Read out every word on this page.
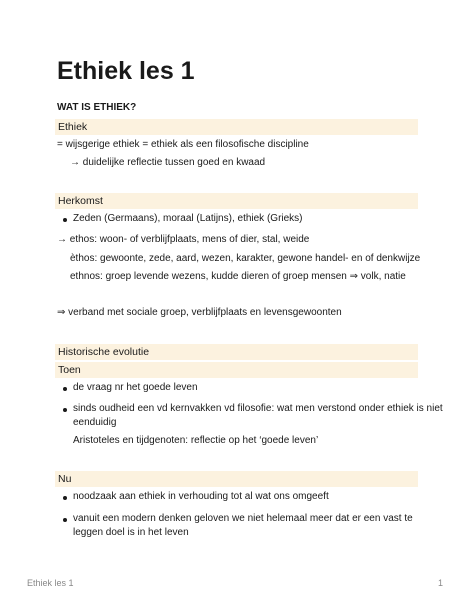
Ethiek les 1
WAT IS ETHIEK?
Ethiek
= wijsgerige ethiek = ethiek als een filosofische discipline
→ duidelijke reflectie tussen goed en kwaad
Herkomst
Zeden (Germaans), moraal (Latijns), ethiek (Grieks)
→ ethos: woon- of verblijfplaats, mens of dier, stal, weide
èthos: gewoonte, zede, aard, wezen, karakter, gewone handel- en of denkwijze
ethnos: groep levende wezens, kudde dieren of groep mensen ⇒ volk, natie
⇒ verband met sociale groep, verblijfplaats en levensgewoonten
Historische evolutie
Toen
de vraag nr het goede leven
sinds oudheid een vd kernvakken vd filosofie: wat men verstond onder ethiek is niet
eenduidig
Aristoteles en tijdgenoten: reflectie op het ‘goede leven’
Nu
noodzaak aan ethiek in verhouding tot al wat ons omgeeft
vanuit een modern denken geloven we niet helemaal meer dat er een vast te
leggen doel is in het leven
Ethiek les 1	1
